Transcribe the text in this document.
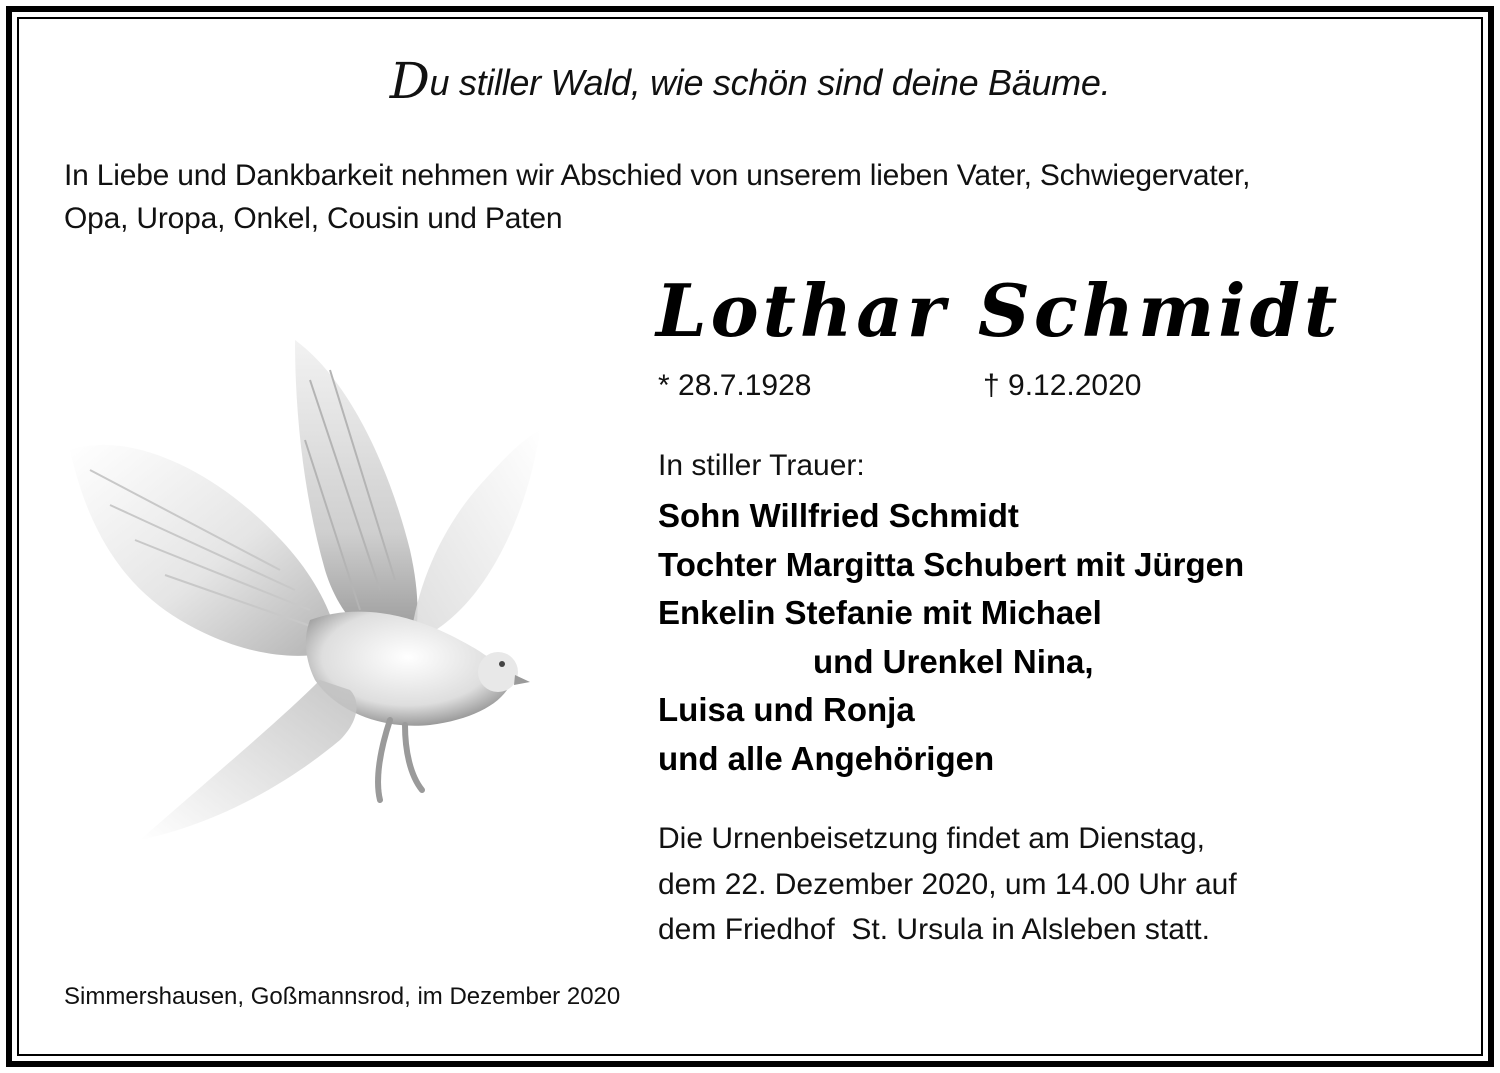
Du stiller Wald, wie schön sind deine Bäume.
In Liebe und Dankbarkeit nehmen wir Abschied von unserem lieben Vater, Schwiegervater,
Opa, Uropa, Onkel, Cousin und Paten
Lothar Schmidt
* 28.7.1928	† 9.12.2020
In stiller Trauer:
Sohn Willfried Schmidt
Tochter Margitta Schubert mit Jürgen
Enkelin Stefanie mit Michael
und Urenkel Nina,
Luisa und Ronja
und alle Angehörigen
Die Urnenbeisetzung findet am Dienstag,
dem 22. Dezember 2020, um 14.00 Uhr auf
dem Friedhof  St. Ursula in Alsleben statt.
Simmershausen, Goßmannsrod, im Dezember 2020
